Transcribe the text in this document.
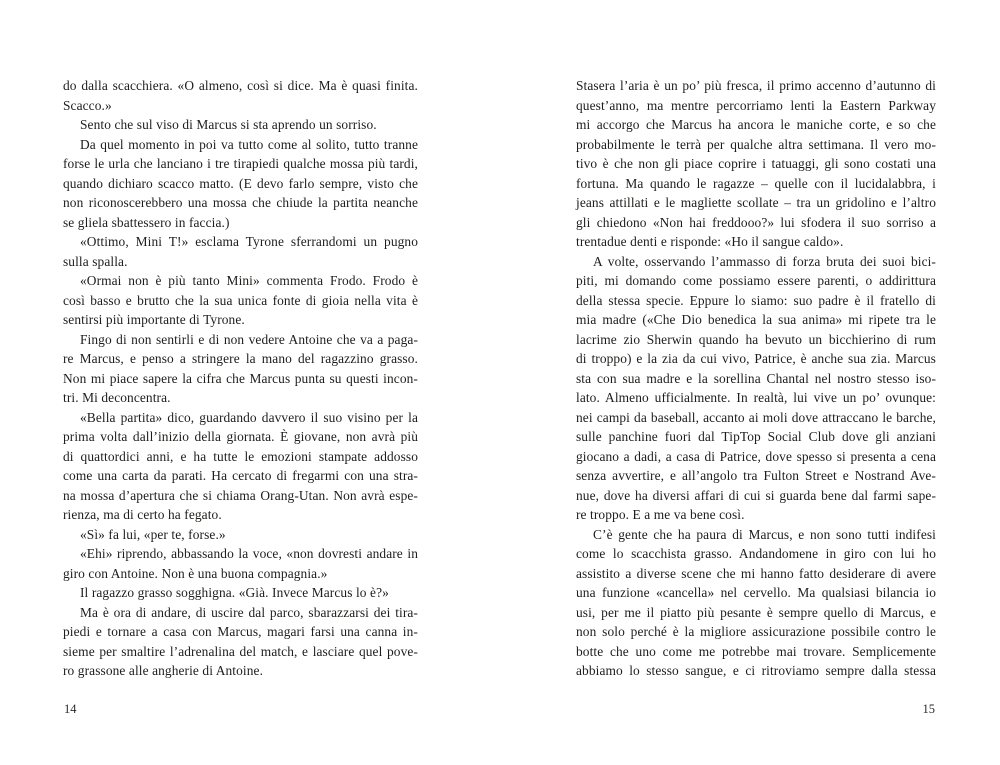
do dalla scacchiera. «O almeno, così si dice. Ma è quasi finita.
Scacco.»
Sento che sul viso di Marcus si sta aprendo un sorriso.
Da quel momento in poi va tutto come al solito, tutto tranne
forse le urla che lanciano i tre tirapiedi qualche mossa più tardi,
quando dichiaro scacco matto. (E devo farlo sempre, visto che
non riconoscerebbero una mossa che chiude la partita neanche
se gliela sbattessero in faccia.)
«Ottimo, Mini T!» esclama Tyrone sferrandomi un pugno
sulla spalla.
«Ormai non è più tanto Mini» commenta Frodo. Frodo è
così basso e brutto che la sua unica fonte di gioia nella vita è
sentirsi più importante di Tyrone.
Fingo di non sentirli e di non vedere Antoine che va a paga-
re Marcus, e penso a stringere la mano del ragazzino grasso.
Non mi piace sapere la cifra che Marcus punta su questi incon-
tri. Mi deconcentra.
«Bella partita» dico, guardando davvero il suo visino per la
prima volta dall’inizio della giornata. È giovane, non avrà più
di quattordici anni, e ha tutte le emozioni stampate addosso
come una carta da parati. Ha cercato di fregarmi con una stra-
na mossa d’apertura che si chiama Orang-Utan. Non avrà espe-
rienza, ma di certo ha fegato.
«Sì» fa lui, «per te, forse.»
«Ehi» riprendo, abbassando la voce, «non dovresti andare in
giro con Antoine. Non è una buona compagnia.»
Il ragazzo grasso sogghigna. «Già. Invece Marcus lo è?»
Ma è ora di andare, di uscire dal parco, sbarazzarsi dei tira-
piedi e tornare a casa con Marcus, magari farsi una canna in-
sieme per smaltire l’adrenalina del match, e lasciare quel pove-
ro grassone alle angherie di Antoine.
Stasera l’aria è un po’ più fresca, il primo accenno d’autunno di
quest’anno, ma mentre percorriamo lenti la Eastern Parkway
mi accorgo che Marcus ha ancora le maniche corte, e so che
probabilmente le terrà per qualche altra settimana. Il vero mo-
tivo è che non gli piace coprire i tatuaggi, gli sono costati una
fortuna. Ma quando le ragazze – quelle con il lucidalabbra, i
jeans attillati e le magliette scollate – tra un gridolino e l’altro
gli chiedono «Non hai freddooo?» lui sfodera il suo sorriso a
trentadue denti e risponde: «Ho il sangue caldo».
A volte, osservando l’ammasso di forza bruta dei suoi bici-
piti, mi domando come possiamo essere parenti, o addirittura
della stessa specie. Eppure lo siamo: suo padre è il fratello di
mia madre («Che Dio benedica la sua anima» mi ripete tra le
lacrime zio Sherwin quando ha bevuto un bicchierino di rum
di troppo) e la zia da cui vivo, Patrice, è anche sua zia. Marcus
sta con sua madre e la sorellina Chantal nel nostro stesso iso-
lato. Almeno ufficialmente. In realtà, lui vive un po’ ovunque:
nei campi da baseball, accanto ai moli dove attraccano le barche,
sulle panchine fuori dal TipTop Social Club dove gli anziani
giocano a dadi, a casa di Patrice, dove spesso si presenta a cena
senza avvertire, e all’angolo tra Fulton Street e Nostrand Ave-
nue, dove ha diversi affari di cui si guarda bene dal farmi sape-
re troppo. E a me va bene così.
C’è gente che ha paura di Marcus, e non sono tutti indifesi
come lo scacchista grasso. Andandomene in giro con lui ho
assistito a diverse scene che mi hanno fatto desiderare di avere
una funzione «cancella» nel cervello. Ma qualsiasi bilancia io
usi, per me il piatto più pesante è sempre quello di Marcus, e
non solo perché è la migliore assicurazione possibile contro le
botte che uno come me potrebbe mai trovare. Semplicemente
abbiamo lo stesso sangue, e ci ritroviamo sempre dalla stessa
14	15
